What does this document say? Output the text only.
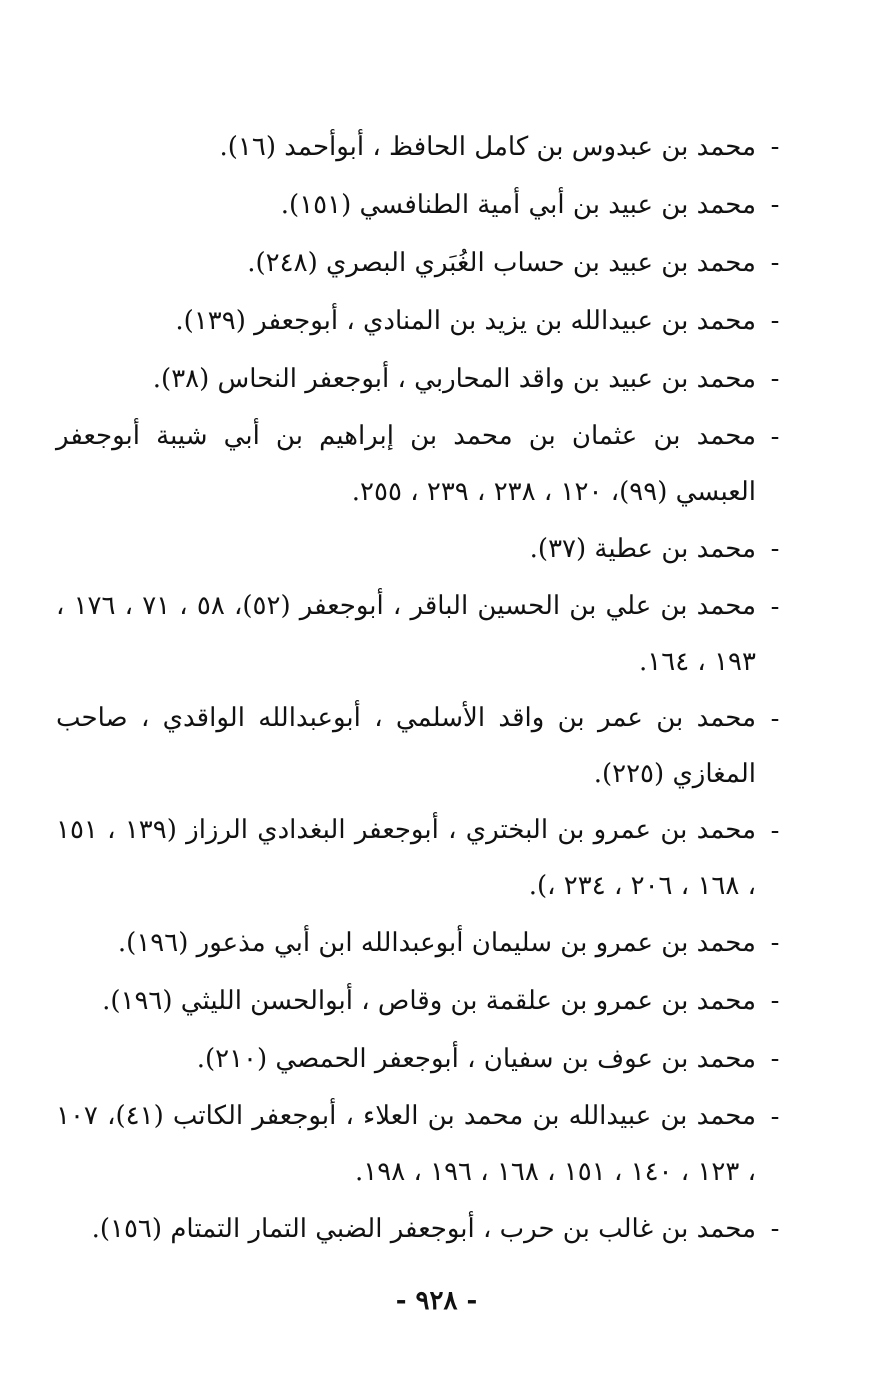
-
محمد بن عبدوس بن كامل الحافظ ، أبوأحمد (١٦).
-
محمد بن عبيد بن أبي أمية الطنافسي (١٥١).
-
محمد بن عبيد بن حساب الغُبَري البصري (٢٤٨).
-
محمد بن عبيدالله بن يزيد بن المنادي ، أبوجعفر (١٣٩).
-
محمد بن عبيد بن واقد المحاربي ، أبوجعفر النحاس (٣٨).
-
محمد بن عثمان بن محمد بن إبراهيم بن أبي شيبة أبوجعفر العبسي (٩٩)، ١٢٠ ، ٢٣٨ ، ٢٣٩ ، ٢٥٥.
-
محمد بن عطية (٣٧).
-
محمد بن علي بن الحسين الباقر ، أبوجعفر (٥٢)، ٥٨ ، ٧١ ، ١٧٦ ، ١٩٣ ، ١٦٤.
-
محمد بن عمر بن واقد الأسلمي ، أبوعبدالله الواقدي ، صاحب المغازي (٢٢٥).
-
محمد بن عمرو بن البختري ، أبوجعفر البغدادي الرزاز (١٣٩ ، ١٥١ ، ١٦٨ ، ٢٠٦ ، ٢٣٤ ،).
-
محمد بن عمرو بن سليمان أبوعبدالله ابن أبي مذعور (١٩٦).
-
محمد بن عمرو بن علقمة بن وقاص ، أبوالحسن الليثي (١٩٦).
-
محمد بن عوف بن سفيان ، أبوجعفر الحمصي (٢١٠).
-
محمد بن عبيدالله بن محمد بن العلاء ، أبوجعفر الكاتب (٤١)، ١٠٧ ، ١٢٣ ، ١٤٠ ، ١٥١ ، ١٦٨ ، ١٩٦ ، ١٩٨.
-
محمد بن غالب بن حرب ، أبوجعفر الضبي التمار التمتام (١٥٦).
- ٩٢٨ -
